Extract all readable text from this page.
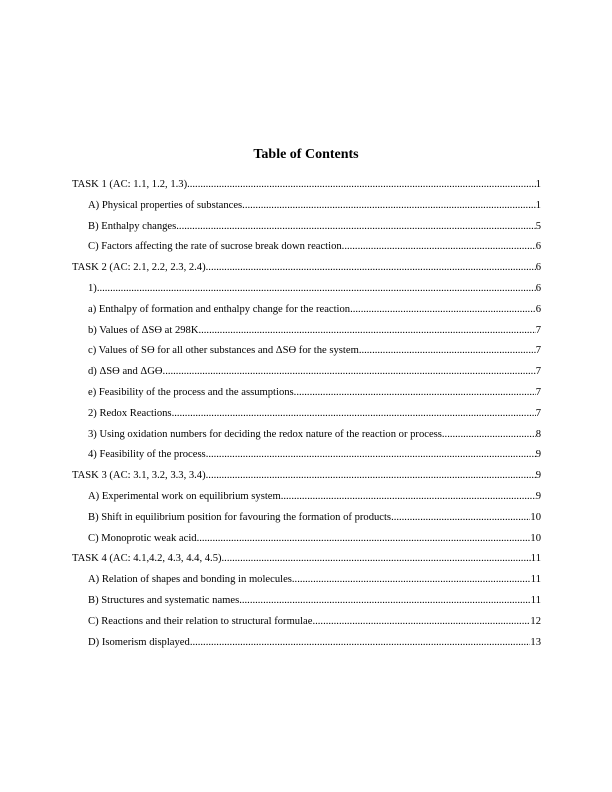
Table of Contents
TASK 1 (AC: 1.1, 1.2, 1.3) .....	1
A) Physical properties of substances .....	1
B) Enthalpy changes .....	5
C) Factors affecting the rate of sucrose break down reaction .....	6
TASK 2 (AC: 2.1, 2.2, 2.3, 2.4) .....	6
1) .....	6
a) Enthalpy of formation and enthalpy change for the reaction .....	6
b) Values of ΔSϴ at 298K .....	7
c) Values of Sϴ for all other substances and ΔSϴ for the system .....	7
d) ΔSϴ and ΔGϴ .....	7
e) Feasibility of the process and the assumptions .....	7
2) Redox Reactions .....	7
3) Using oxidation numbers for deciding the redox nature of the reaction or process .....	8
4) Feasibility of the process .....	9
TASK 3 (AC: 3.1, 3.2, 3.3, 3.4) .....	9
A) Experimental work on equilibrium system .....	9
B) Shift in equilibrium position for favouring the formation of products .....	10
C) Monoprotic weak acid .....	10
TASK 4 (AC: 4.1,4.2, 4.3, 4.4, 4.5) .....	11
A) Relation of shapes and bonding in molecules .....	11
B) Structures and systematic names .....	11
C) Reactions and their relation to structural formulae .....	12
D) Isomerism displayed .....	13
